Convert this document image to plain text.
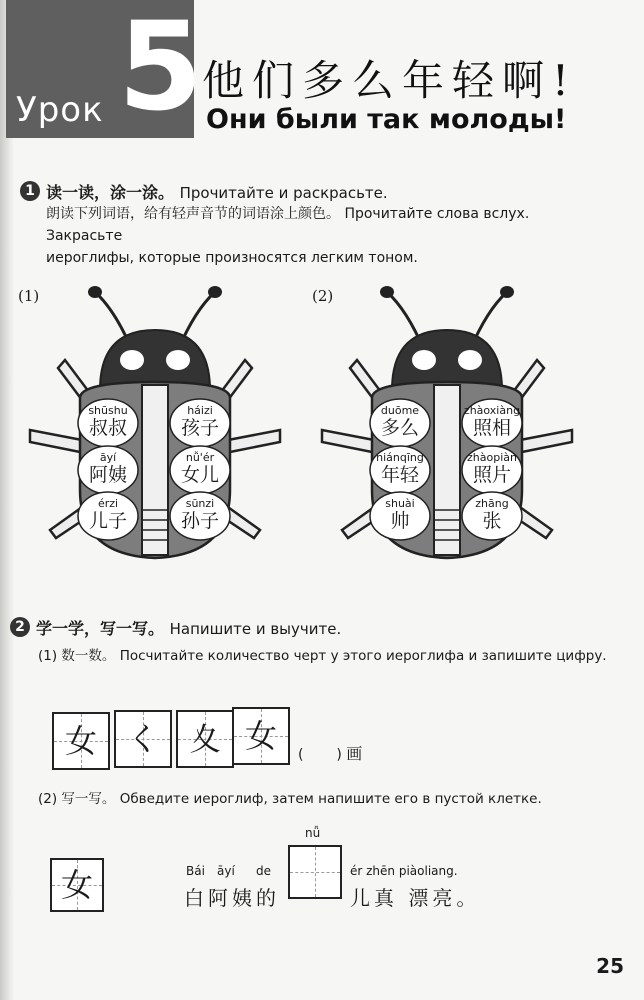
Урок 5 他们多么年轻啊!
Они были так молоды!
1 读一读，涂一涂。 Прочитайте и раскрасьте.
朗读下列词语，给有轻声音节的词语涂上颜色。 Прочитайте слова вслух. Закрасьте
иероглифы, которые произносятся легким тоном.
(1)	(2)
shūshu
叔叔
háizi
孩子
āyí
阿姨
nǚ'ér
女儿
érzi
儿子
sūnzi
孙子
duōme
多么
zhàoxiàng
照相
niánqīng
年轻
zhàopiàn
照片
shuài
帅
zhāng
张
2 学一学，写一写。 Напишите и выучите.
(1) 数一数。 Посчитайте количество черт у этого иероглифа и запишите цифру.
女 く 夊 女	( ) 画
(2) 写一写。 Обведите иероглиф, затем напишите его в пустой клетке.
女	Bái āyí de
nǚ
ér zhēn piàoliang.
白阿姨的	儿真 漂亮。
25
